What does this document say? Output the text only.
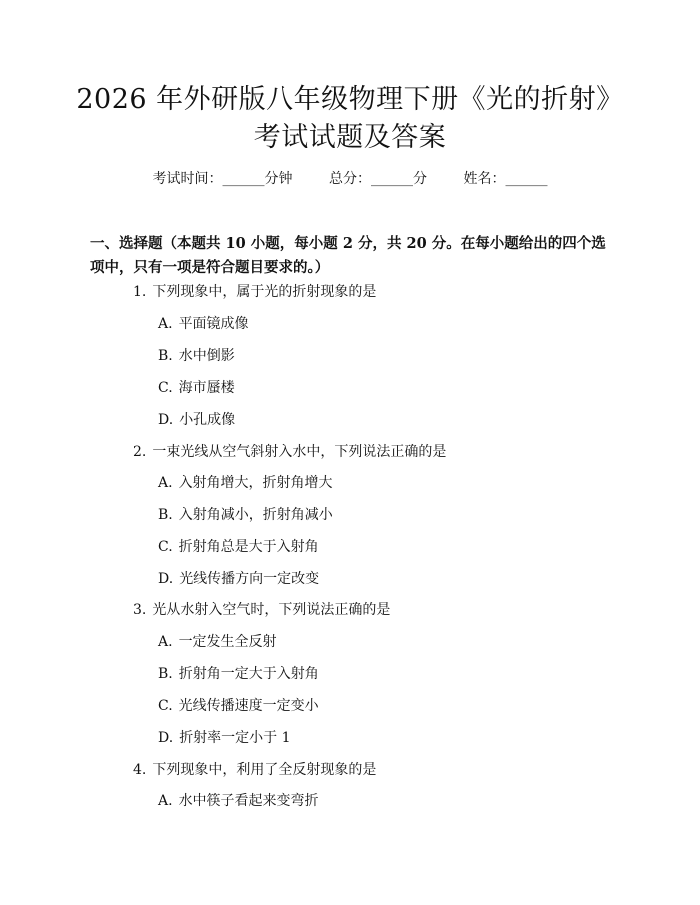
2026 年外研版八年级物理下册《光的折射》
考试试题及答案
考试时间：______分钟	总分：______分	姓名：______
一、选择题（本题共 10 小题，每小题 2 分，共 20 分。在每小题给出的四个选项中，只有一项是符合题目要求的。）
1. 下列现象中，属于光的折射现象的是
A. 平面镜成像
B. 水中倒影
C. 海市蜃楼
D. 小孔成像
2. 一束光线从空气斜射入水中，下列说法正确的是
A. 入射角增大，折射角增大
B. 入射角减小，折射角减小
C. 折射角总是大于入射角
D. 光线传播方向一定改变
3. 光从水射入空气时，下列说法正确的是
A. 一定发生全反射
B. 折射角一定大于入射角
C. 光线传播速度一定变小
D. 折射率一定小于 1
4. 下列现象中，利用了全反射现象的是
A. 水中筷子看起来变弯折
